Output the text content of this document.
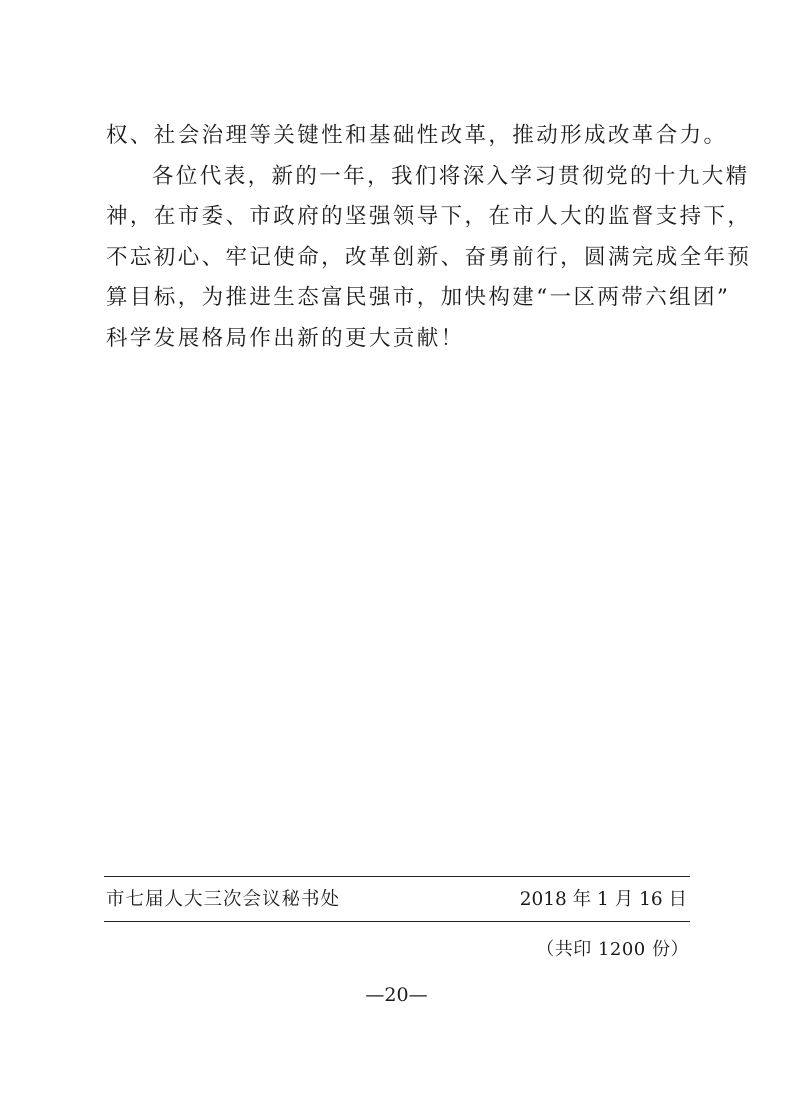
权、社会治理等关键性和基础性改革，推动形成改革合力。

各位代表，新的一年，我们将深入学习贯彻党的十九大精
神，在市委、市政府的坚强领导下，在市人大的监督支持下，
不忘初心、牢记使命，改革创新、奋勇前行，圆满完成全年预
算目标，为推进生态富民强市，加快构建“一区两带六组团”
科学发展格局作出新的更大贡献！

市七届人大三次会议秘书处	2018 年 1 月 16 日
（共印 1200 份）
—20—
